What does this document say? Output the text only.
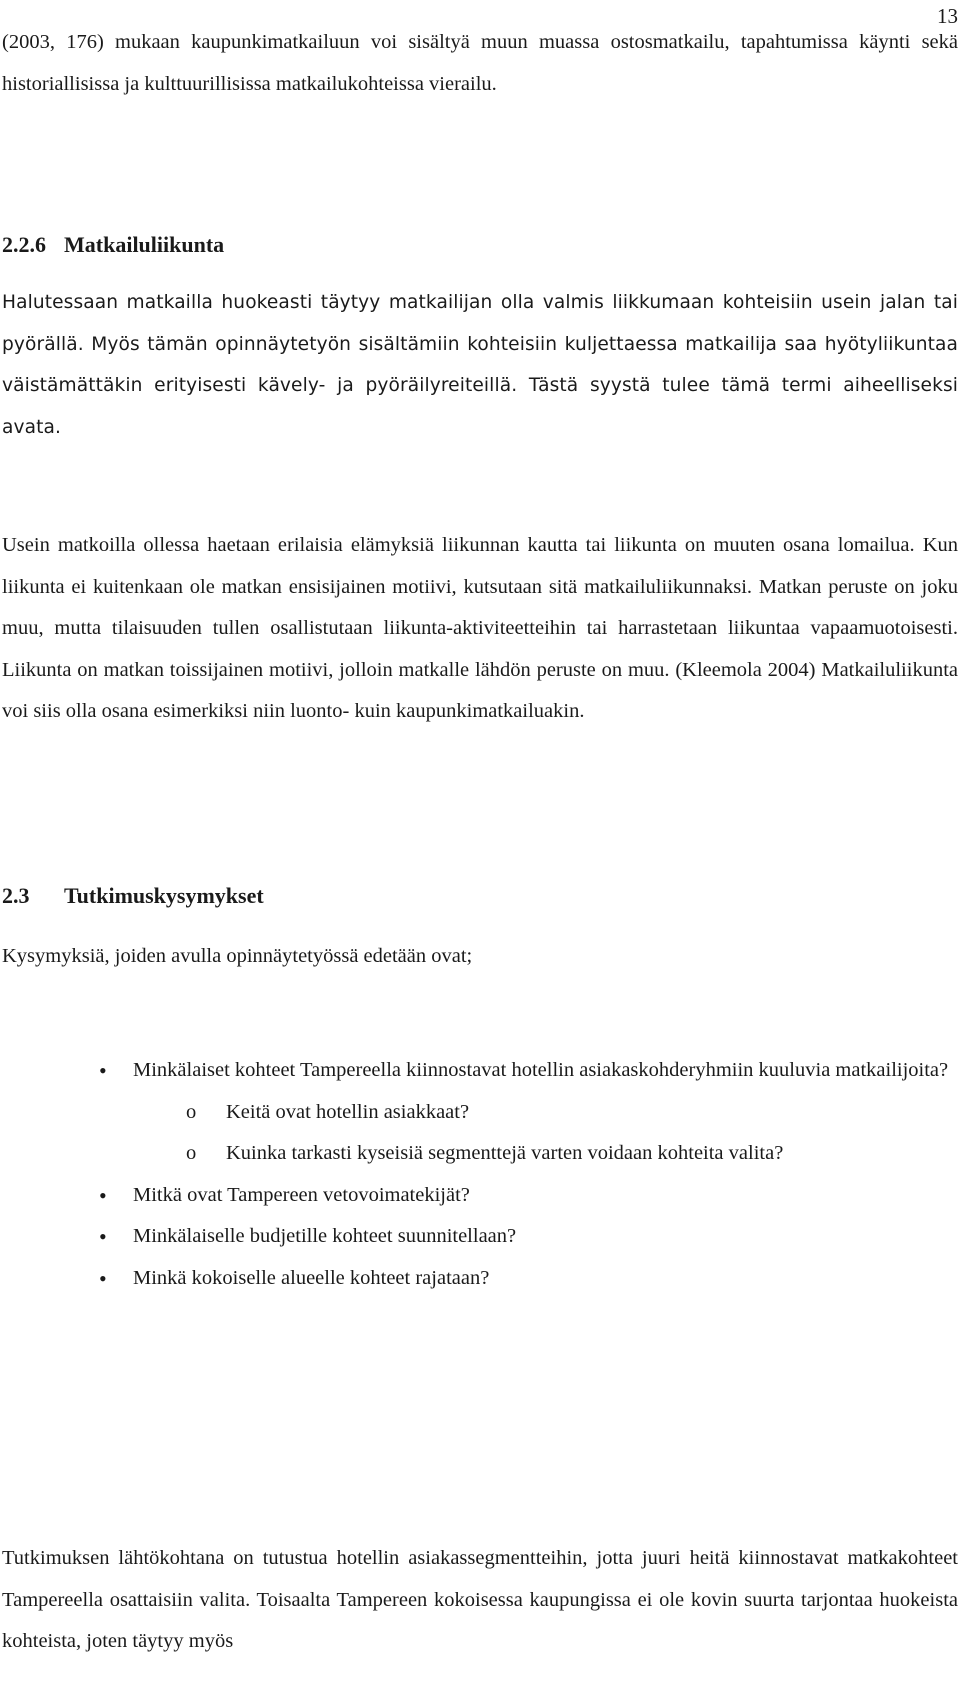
13
(2003, 176) mukaan kaupunkimatkailuun voi sisältyä muun muassa ostosmatkailu, tapahtumissa käynti sekä historiallisissa ja kulttuurillisissa matkailukohteissa vierailu.
2.2.6 Matkailuliikunta
Halutessaan matkailla huokeasti täytyy matkailijan olla valmis liikkumaan kohteisiin usein jalan tai pyörällä. Myös tämän opinnäytetyön sisältämiin kohteisiin kuljettaessa matkailija saa hyötyliikuntaa väistämättäkin erityisesti kävely- ja pyöräilyreiteillä. Tästä syystä tulee tämä termi aiheelliseksi avata.
Usein matkoilla ollessa haetaan erilaisia elämyksiä liikunnan kautta tai liikunta on muuten osana lomailua. Kun liikunta ei kuitenkaan ole matkan ensisijainen motiivi, kutsutaan sitä matkailuliikunnaksi. Matkan peruste on joku muu, mutta tilaisuuden tullen osallistutaan liikunta-aktiviteetteihin tai harrastetaan liikuntaa vapaamuotoisesti. Liikunta on matkan toissijainen motiivi, jolloin matkalle lähdön peruste on muu. (Kleemola 2004) Matkailuliikunta voi siis olla osana esimerkiksi niin luonto- kuin kaupunkimatkailuakin.
2.3 Tutkimuskysymykset
Kysymyksiä, joiden avulla opinnäytetyössä edetään ovat;
• Minkälaiset kohteet Tampereella kiinnostavat hotellin asiakaskohderyhmiin kuuluvia matkailijoita?
o Keitä ovat hotellin asiakkaat?
o Kuinka tarkasti kyseisiä segmenttejä varten voidaan kohteita valita?
• Mitkä ovat Tampereen vetovoimatekijät?
• Minkälaiselle budjetille kohteet suunnitellaan?
• Minkä kokoiselle alueelle kohteet rajataan?
Tutkimuksen lähtökohtana on tutustua hotellin asiakassegmentteihin, jotta juuri heitä kiinnostavat matkakohteet Tampereella osattaisiin valita. Toisaalta Tampereen kokoisessa kaupungissa ei ole kovin suurta tarjontaa huokeista kohteista, joten täytyy myös
